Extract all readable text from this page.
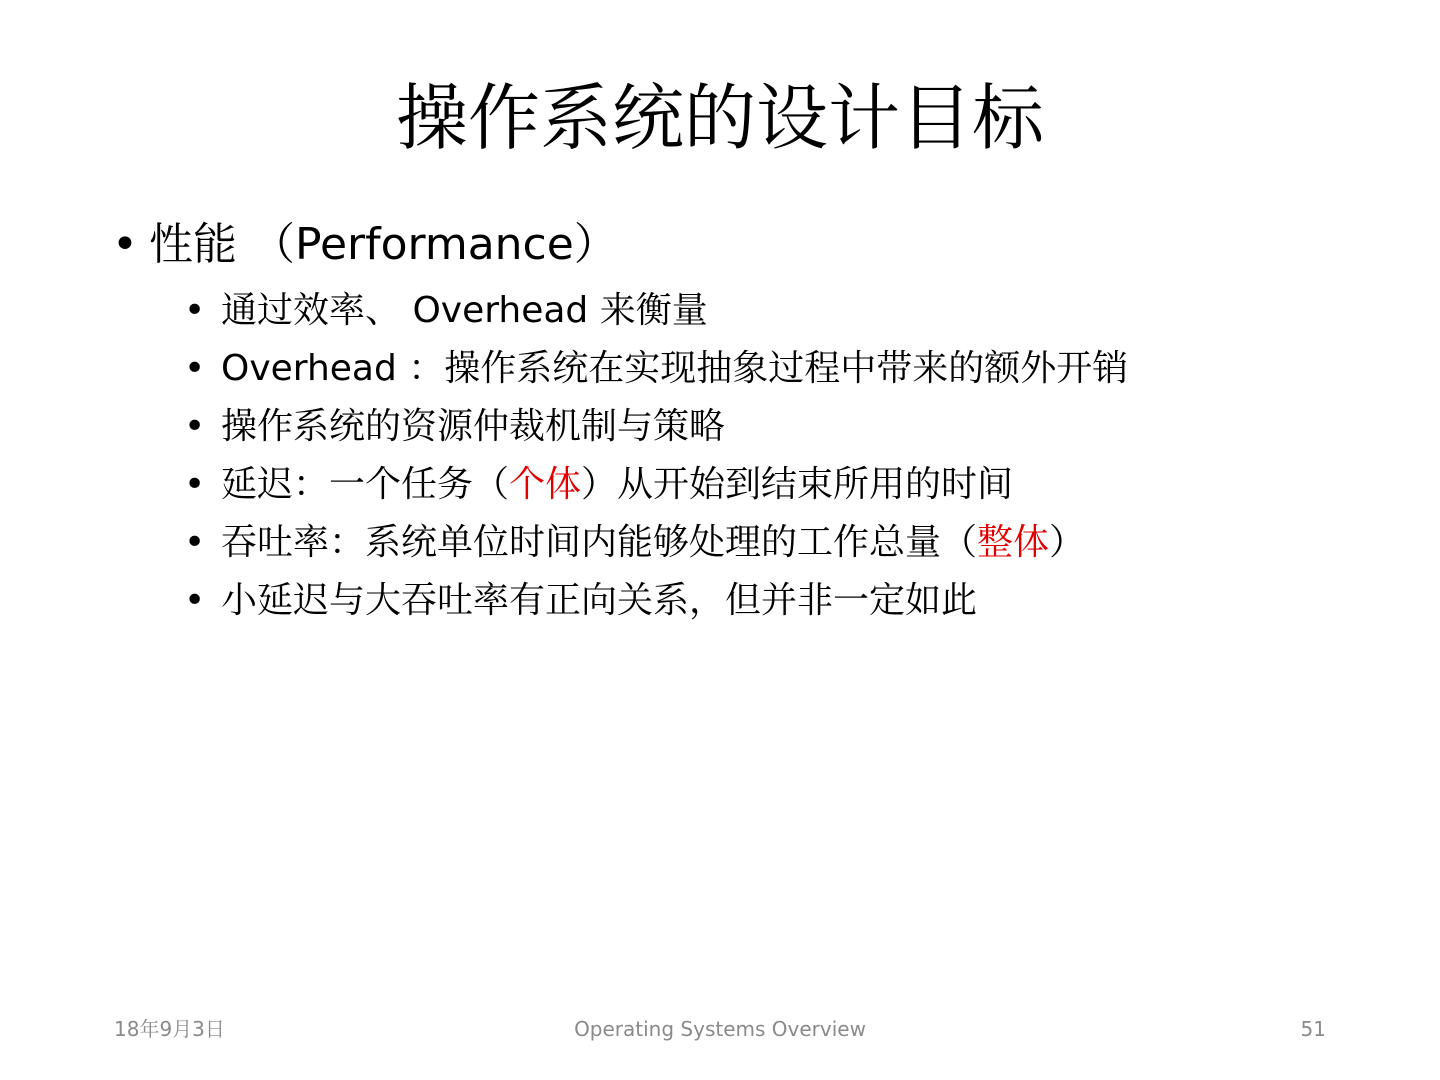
操作系统的设计目标
• 性能 （Performance）
• 通过效率、 Overhead 来衡量
• Overhead ：操作系统在实现抽象过程中带来的额外开销
• 操作系统的资源仲裁机制与策略
• 延迟：一个任务（个体）从开始到结束所用的时间
• 吞吐率：系统单位时间内能够处理的工作总量（整体）
• 小延迟与大吞吐率有正向关系，但并非一定如此
18年9月3日	Operating Systems Overview	51
